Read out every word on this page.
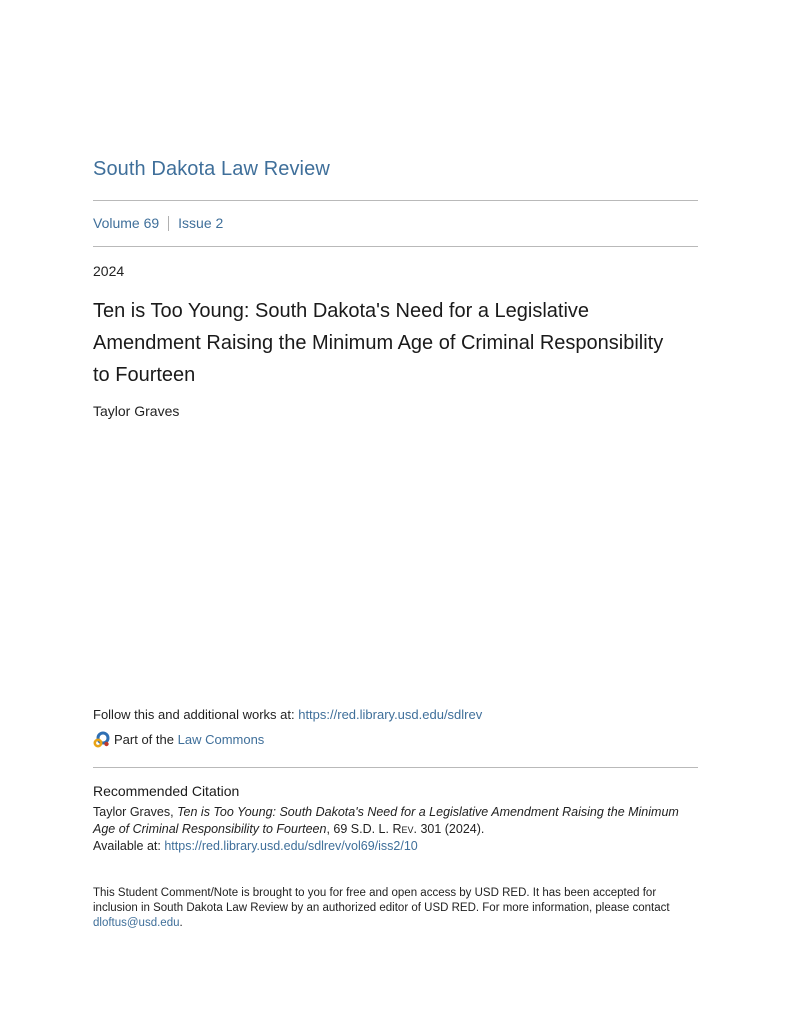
South Dakota Law Review
Volume 69 Issue 2
2024
Ten is Too Young: South Dakota's Need for a Legislative
Amendment Raising the Minimum Age of Criminal Responsibility
to Fourteen
Taylor Graves
Follow this and additional works at: https://red.library.usd.edu/sdlrev
Part of the
Law Commons
Recommended Citation
Taylor Graves, Ten is Too Young: South Dakota's Need for a Legislative Amendment Raising the Minimum
Age of Criminal Responsibility to Fourteen, 69 S.D. L. Rev. 301 (2024).
Available at: https://red.library.usd.edu/sdlrev/vol69/iss2/10
This Student Comment/Note is brought to you for free and open access by USD RED. It has been accepted for
inclusion in South Dakota Law Review by an authorized editor of USD RED. For more information, please contact
dloftus@usd.edu.
